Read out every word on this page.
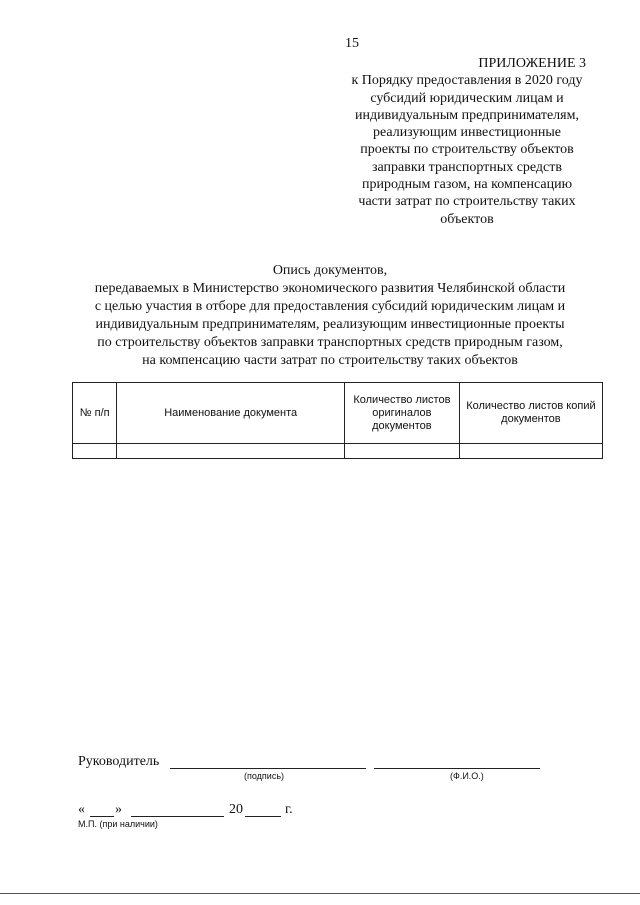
15
ПРИЛОЖЕНИЕ 3
к Порядку предоставления в 2020 году
субсидий юридическим лицам и
индивидуальным предпринимателям,
реализующим инвестиционные
проекты по строительству объектов
заправки транспортных средств
природным газом, на компенсацию
части затрат по строительству таких
объектов
Опись документов,
передаваемых в Министерство экономического развития Челябинской области
с целью участия в отборе для предоставления субсидий юридическим лицам и
индивидуальным предпринимателям, реализующим инвестиционные проекты
по строительству объектов заправки транспортных средств природным газом,
на компенсацию части затрат по строительству таких объектов
№ п/п	Наименование документа	Количество листов оригиналов документов	Количество листов копий документов

Руководитель
(подпись)	(Ф.И.О.)
« »	20	г.
М.П. (при наличии)
